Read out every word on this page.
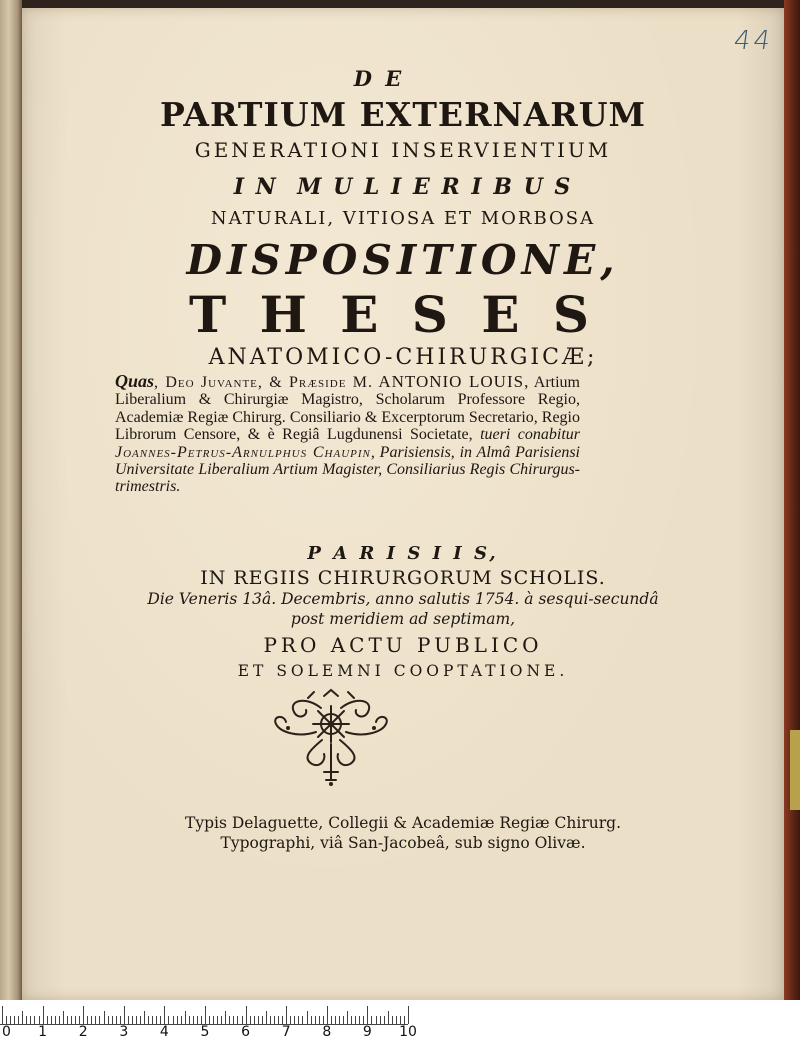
44
D E
PARTIUM EXTERNARUM
GENERATIONI INSERVIENTIUM
I N  M U L I E R I B U S
NATURALI, VITIOSA ET MORBOSA
DISPOSITIONE,
T H E S E S
ANATOMICO-CHIRURGICÆ;
Quas, Deo Juvante, & Præside M. ANTONIO LOUIS, Artium Liberalium & Chirurgiæ Magistro, Scholarum Professore Regio, Academiæ Regiæ Chirurg. Consiliario & Excerptorum Secretario, Regio Librorum Censore, & è Regiâ Lugdunensi Societate, tueri conabitur Joannes-Petrus-Arnulphus Chaupin, Parisiensis, in Almâ Parisiensi Universitate Liberalium Artium Magister, Consiliarius Regis Chirurgus-trimestris.
P A R I S I I S,
IN REGIIS CHIRURGORUM SCHOLIS.
Die Veneris 13â. Decembris, anno salutis 1754. à sesqui-secundâ
post meridiem ad septimam,
PRO ACTU PUBLICO
ET SOLEMNI COOPTATIONE.
Typis Delaguette, Collegii & Academiæ Regiæ Chirurg.
Typographi, viâ San-Jacobeâ, sub signo Olivæ.
0 1 2 3 4 5 6 7 8 9 10
